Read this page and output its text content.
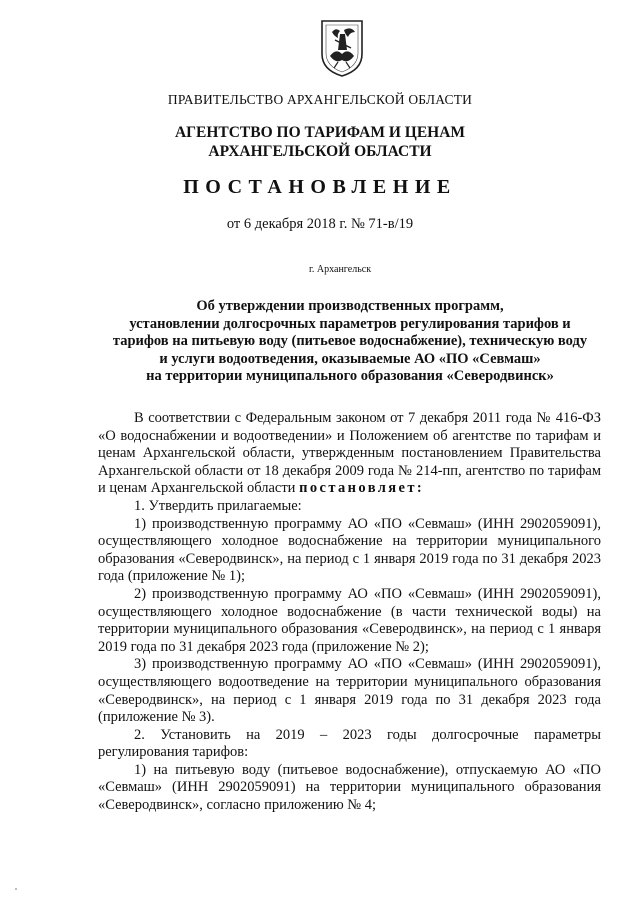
ПРАВИТЕЛЬСТВО АРХАНГЕЛЬСКОЙ ОБЛАСТИ
АГЕНТСТВО ПО ТАРИФАМ И ЦЕНАМ
АРХАНГЕЛЬСКОЙ ОБЛАСТИ
ПОСТАНОВЛЕНИЕ
от 6 декабря 2018 г. № 71-в/19
г. Архангельск
Об утверждении производственных программ,
установлении долгосрочных параметров регулирования тарифов и
тарифов на питьевую воду (питьевое водоснабжение), техническую воду
и услуги водоотведения, оказываемые АО «ПО «Севмаш»
на территории муниципального образования «Северодвинск»

В соответствии с Федеральным законом от 7 декабря 2011 года № 416-ФЗ «О водоснабжении и водоотведении» и Положением об агентстве по тарифам и ценам Архангельской области, утвержденным постановлением Правительства Архангельской области от 18 декабря 2009 года № 214-пп, агентство по тарифам и ценам Архангельской области постановляет:

1. Утвердить прилагаемые:

1) производственную программу АО «ПО «Севмаш» (ИНН 2902059091), осуществляющего холодное водоснабжение на территории муниципального образования «Северодвинск», на период с 1 января 2019 года по 31 декабря 2023 года (приложение № 1);

2) производственную программу АО «ПО «Севмаш» (ИНН 2902059091), осуществляющего холодное водоснабжение (в части технической воды) на территории муниципального образования «Северодвинск», на период с 1 января 2019 года по 31 декабря 2023 года (приложение № 2);

3) производственную программу АО «ПО «Севмаш» (ИНН 2902059091), осуществляющего водоотведение на территории муниципального образования «Северодвинск», на период с 1 января 2019 года по 31 декабря 2023 года (приложение № 3).

2. Установить на 2019 – 2023 годы долгосрочные параметры регулирования тарифов:

1) на питьевую воду (питьевое водоснабжение), отпускаемую АО «ПО «Севмаш» (ИНН 2902059091) на территории муниципального образования «Северодвинск», согласно приложению № 4;
